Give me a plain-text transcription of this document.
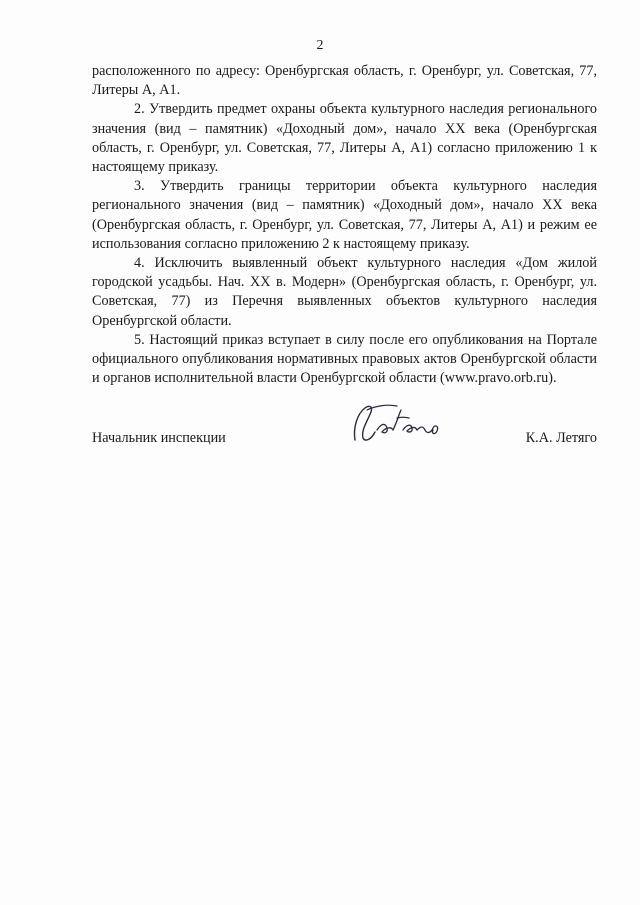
2

расположенного по адресу: Оренбургская область, г. Оренбург, ул. Советская, 77, Литеры А, А1.

2. Утвердить предмет охраны объекта культурного наследия регионального значения (вид – памятник) «Доходный дом», начало XX века (Оренбургская область, г. Оренбург, ул. Советская, 77, Литеры А, А1) согласно приложению 1 к настоящему приказу.

3. Утвердить границы территории объекта культурного наследия регионального значения (вид – памятник) «Доходный дом», начало XX века (Оренбургская область, г. Оренбург, ул. Советская, 77, Литеры А, А1) и режим ее использования согласно приложению 2 к настоящему приказу.

4. Исключить выявленный объект культурного наследия «Дом жилой городской усадьбы. Нач. XX в. Модерн» (Оренбургская область, г. Оренбург, ул. Советская, 77) из Перечня выявленных объектов культурного наследия Оренбургской области.

5. Настоящий приказ вступает в силу после его опубликования на Портале официального опубликования нормативных правовых актов Оренбургской области и органов исполнительной власти Оренбургской области (www.pravo.orb.ru).

Начальник инспекции	К.А. Летяго
